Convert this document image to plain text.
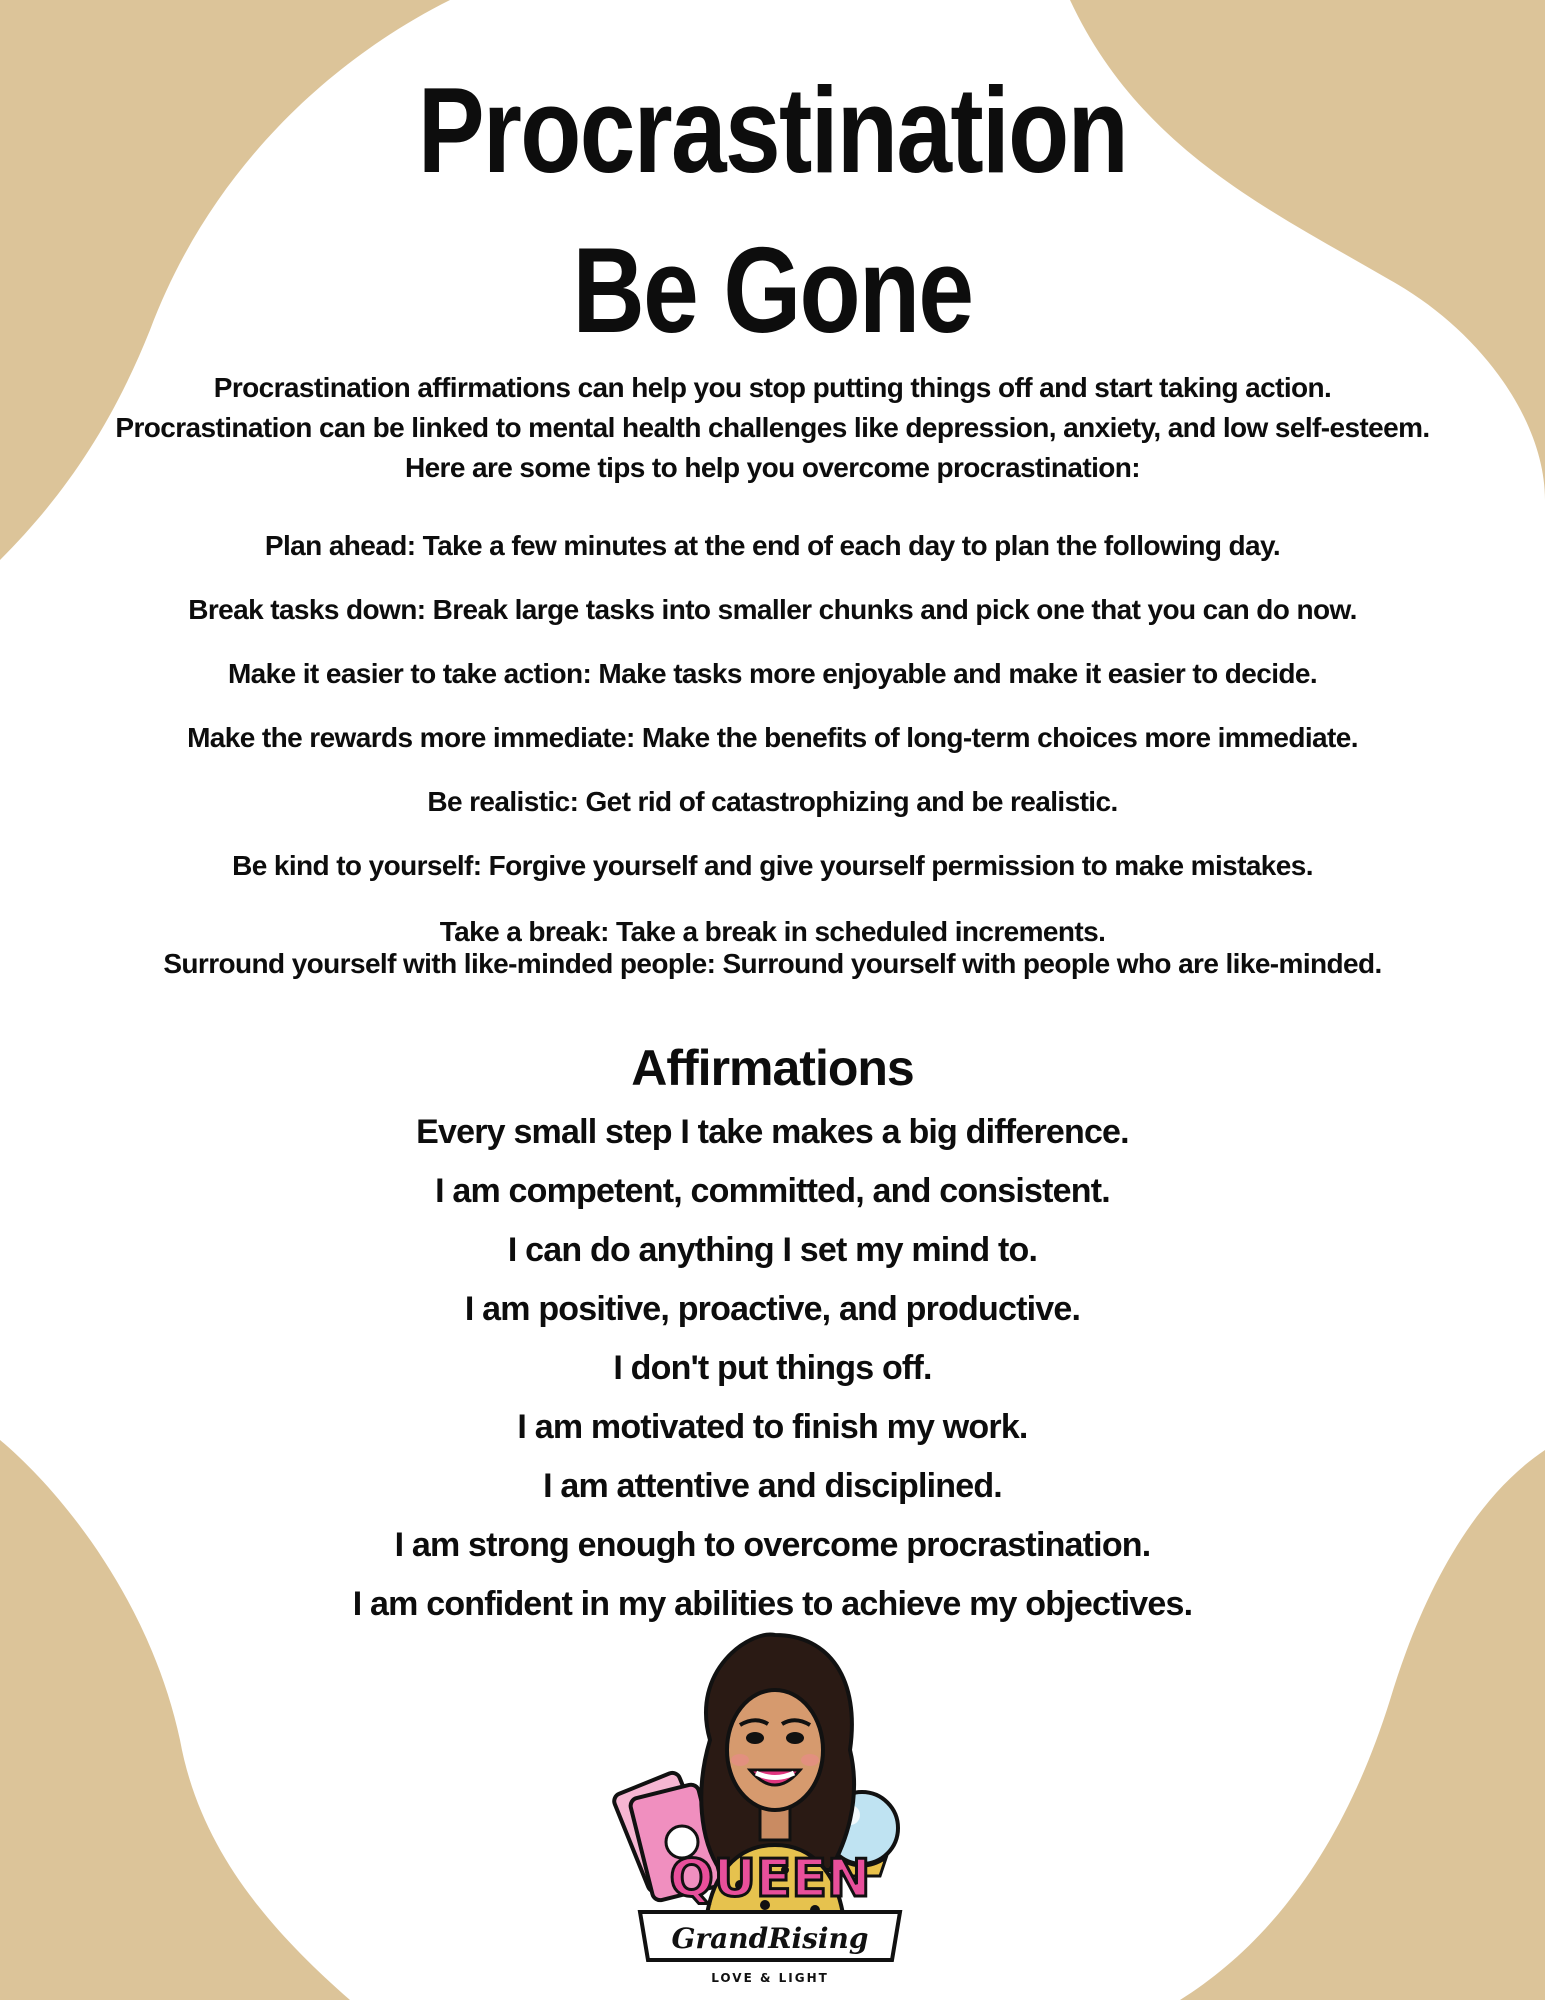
Procrastination
Be Gone
Procrastination affirmations can help you stop putting things off and start taking action. Procrastination can be linked to mental health challenges like depression, anxiety, and low self-esteem. Here are some tips to help you overcome procrastination:
Plan ahead: Take a few minutes at the end of each day to plan the following day.
Break tasks down: Break large tasks into smaller chunks and pick one that you can do now.
Make it easier to take action: Make tasks more enjoyable and make it easier to decide.
Make the rewards more immediate: Make the benefits of long-term choices more immediate.
Be realistic: Get rid of catastrophizing and be realistic.
Be kind to yourself: Forgive yourself and give yourself permission to make mistakes.
Take a break: Take a break in scheduled increments.
Surround yourself with like-minded people: Surround yourself with people who are like-minded.
Affirmations
Every small step I take makes a big difference.
I am competent, committed, and consistent.
I can do anything I set my mind to.
I am positive, proactive, and productive.
I don't put things off.
I am motivated to finish my work.
I am attentive and disciplined.
I am strong enough to overcome procrastination.
I am confident in my abilities to achieve my objectives.
QUEEN
GrandRising
LOVE & LIGHT
